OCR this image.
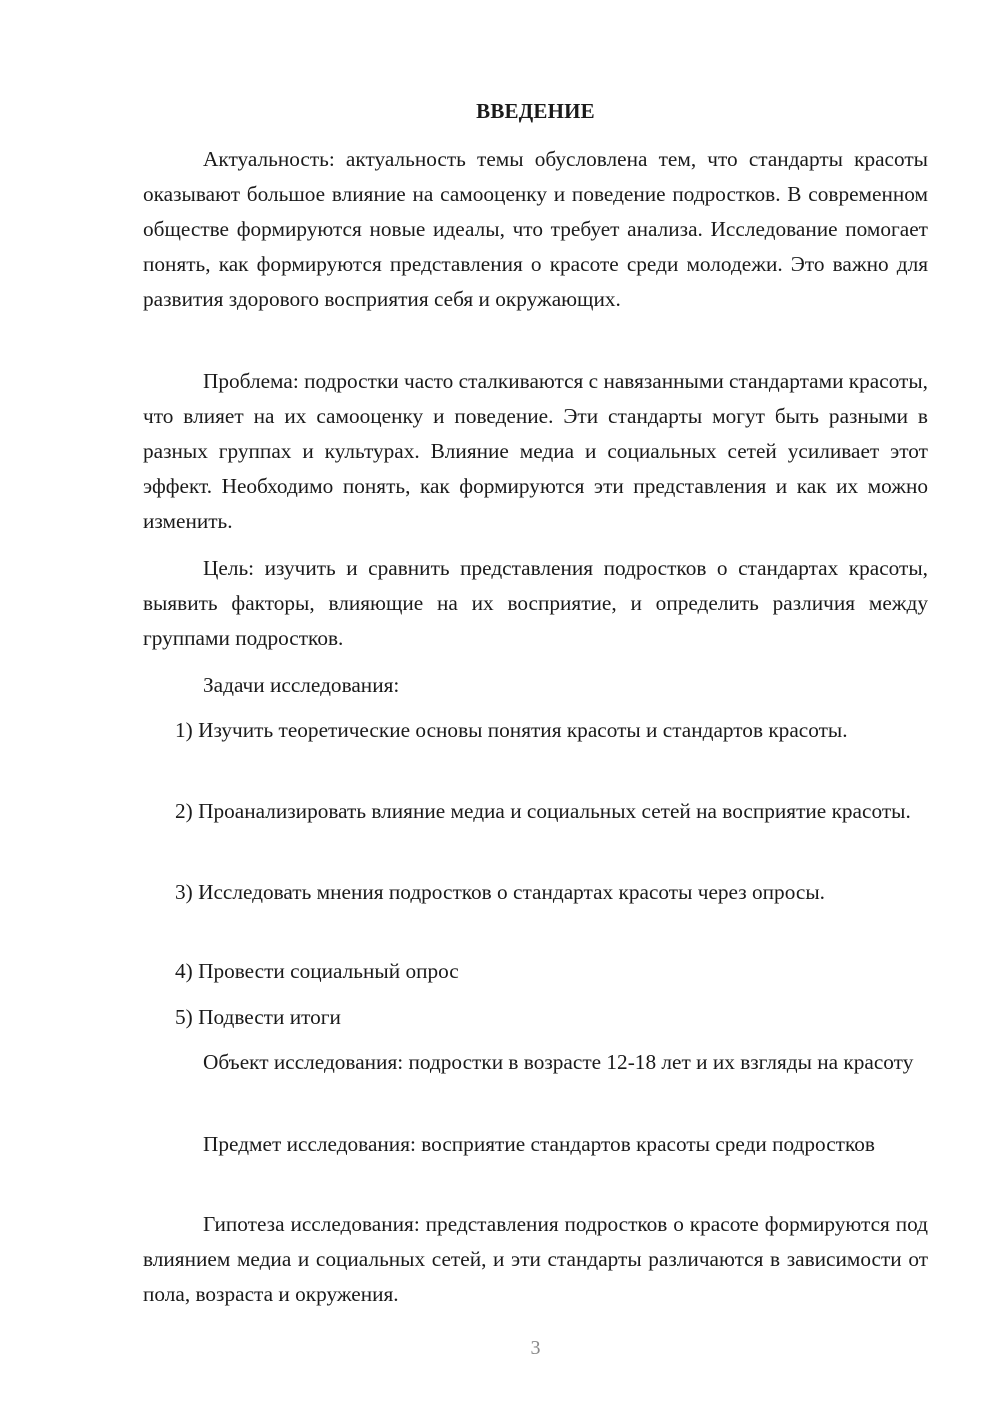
ВВЕДЕНИЕ

Актуальность: актуальность темы обусловлена тем, что стандарты красоты оказывают большое влияние на самооценку и поведение подростков. В современном обществе формируются новые идеалы, что требует анализа. Исследование помогает понять, как формируются представления о красоте среди молодежи. Это важно для развития здорового восприятия себя и окружающих.

Проблема: подростки часто сталкиваются с навязанными стандартами красоты, что влияет на их самооценку и поведение. Эти стандарты могут быть разными в разных группах и культурах. Влияние медиа и социальных сетей усиливает этот эффект. Необходимо понять, как формируются эти представления и как их можно изменить.

Цель: изучить и сравнить представления подростков о стандартах красоты, выявить факторы, влияющие на их восприятие, и определить различия между группами подростков.

Задачи исследования:

1) Изучить теоретические основы понятия красоты и стандартов красоты.

2) Проанализировать влияние медиа и социальных сетей на восприятие красоты.

3) Исследовать мнения подростков о стандартах красоты через опросы.

4) Провести социальный опрос

5) Подвести итоги

Объект исследования: подростки в возрасте 12-18 лет и их взгляды на красоту

Предмет исследования: восприятие стандартов красоты среди подростков

Гипотеза исследования: представления подростков о красоте формируются под влиянием медиа и социальных сетей, и эти стандарты различаются в зависимости от пола, возраста и окружения.

3
